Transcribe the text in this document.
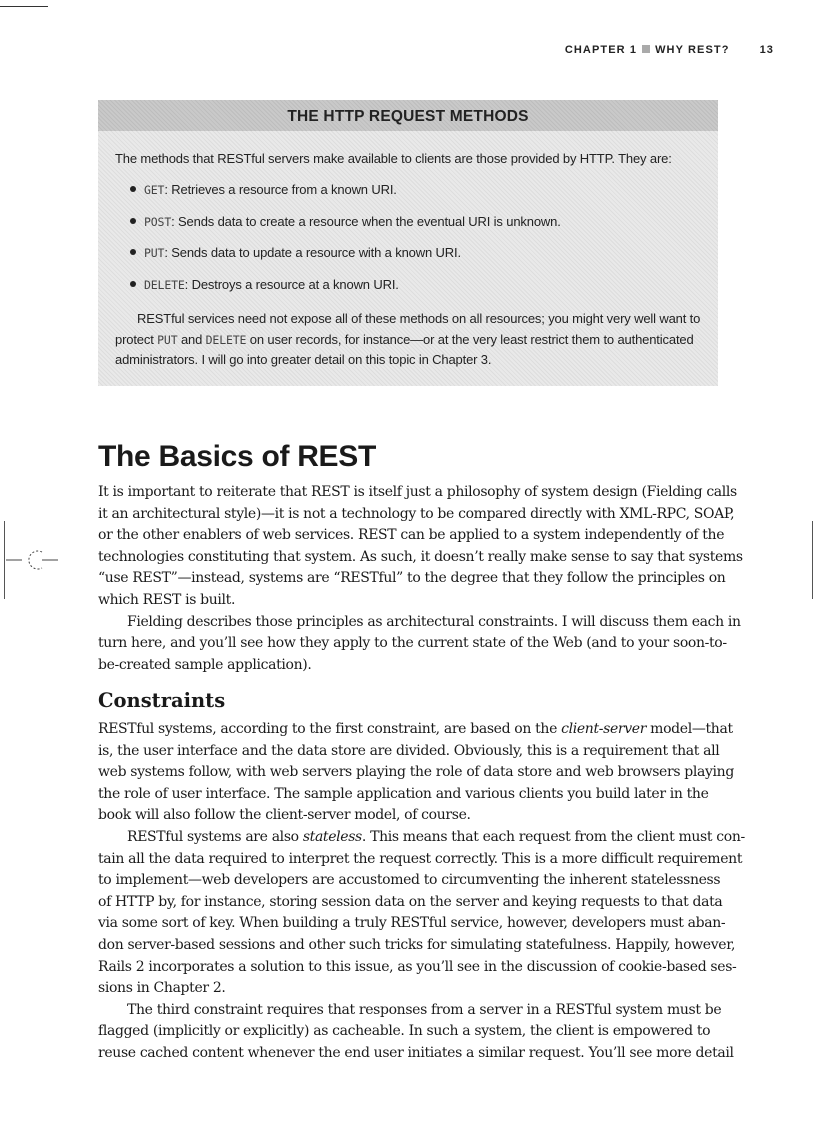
CHAPTER 1 WHY REST?	13
THE HTTP REQUEST METHODS
The methods that RESTful servers make available to clients are those provided by HTTP. They are:
GET: Retrieves a resource from a known URI.
POST: Sends data to create a resource when the eventual URI is unknown.
PUT: Sends data to update a resource with a known URI.
DELETE: Destroys a resource at a known URI.
RESTful services need not expose all of these methods on all resources; you might very well want to
protect PUT and DELETE on user records, for instance—or at the very least restrict them to authenticated
administrators. I will go into greater detail on this topic in Chapter 3.
The Basics of REST
It is important to reiterate that REST is itself just a philosophy of system design (Fielding calls
it an architectural style)—it is not a technology to be compared directly with XML-RPC, SOAP,
or the other enablers of web services. REST can be applied to a system independently of the
technologies constituting that system. As such, it doesn’t really make sense to say that systems
“use REST”—instead, systems are “RESTful” to the degree that they follow the principles on
which REST is built.
Fielding describes those principles as architectural constraints. I will discuss them each in
turn here, and you’ll see how they apply to the current state of the Web (and to your soon-to-
be-created sample application).
Constraints
RESTful systems, according to the first constraint, are based on the client-server model—that
is, the user interface and the data store are divided. Obviously, this is a requirement that all
web systems follow, with web servers playing the role of data store and web browsers playing
the role of user interface. The sample application and various clients you build later in the
book will also follow the client-server model, of course.
RESTful systems are also stateless. This means that each request from the client must con-
tain all the data required to interpret the request correctly. This is a more difficult requirement
to implement—web developers are accustomed to circumventing the inherent statelessness
of HTTP by, for instance, storing session data on the server and keying requests to that data
via some sort of key. When building a truly RESTful service, however, developers must aban-
don server-based sessions and other such tricks for simulating statefulness. Happily, however,
Rails 2 incorporates a solution to this issue, as you’ll see in the discussion of cookie-based ses-
sions in Chapter 2.
The third constraint requires that responses from a server in a RESTful system must be
flagged (implicitly or explicitly) as cacheable. In such a system, the client is empowered to
reuse cached content whenever the end user initiates a similar request. You’ll see more detail
